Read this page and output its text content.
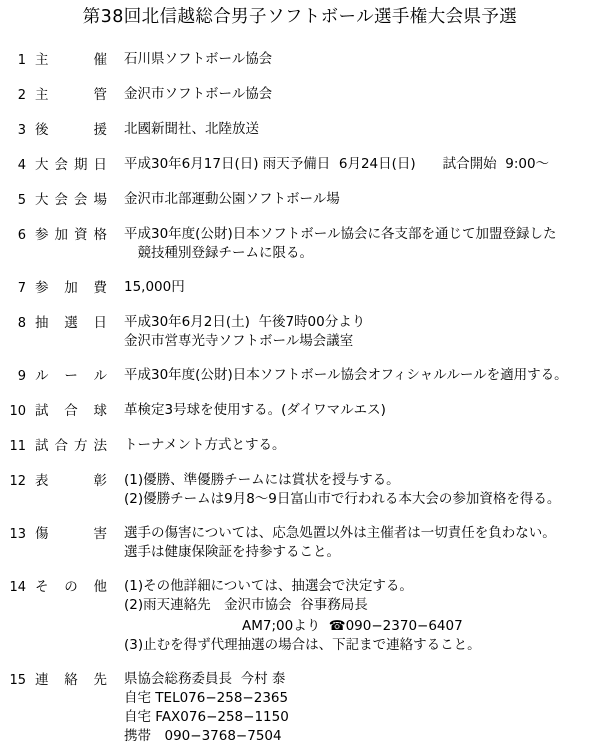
第38回北信越総合男子ソフトボール選手権大会県予選
1 主催 石川県ソフトボール協会
2 主管 金沢市ソフトボール協会
3 後援 北國新聞社、北陸放送
4 大会期日 平成30年6月17日(日) 雨天予備日  6月24日(日)　　試合開始  9:00〜
5 大会会場 金沢市北部運動公園ソフトボール場
6 参加資格 平成30年度(公財)日本ソフトボール協会に各支部を通じて加盟登録した
　競技種別登録チームに限る。
7 参加費 15,000円
8 抽選日 平成30年6月2日(土)  午後7時00分より
金沢市営専光寺ソフトボール場会議室
9 ルール 平成30年度(公財)日本ソフトボール協会オフィシャルルールを適用する。
10 試合球 革検定3号球を使用する。(ダイワマルエス)
11 試合方法 トーナメント方式とする。
12 表彰 (1)優勝、準優勝チームには賞状を授与する。
(2)優勝チームは9月8〜9日富山市で行われる本大会の参加資格を得る。
13 傷害 選手の傷害については、応急処置以外は主催者は一切責任を負わない。
選手は健康保険証を持参すること。
14 その他 (1)その他詳細については、抽選会で決定する。
(2)雨天連絡先　金沢市協会  谷事務局長
AM7;00より  ☎090−2370−6407
(3)止むを得ず代理抽選の場合は、下記まで連絡すること。
15 連絡先 県協会総務委員長  今村 泰
自宅 TEL076−258−2365
自宅 FAX076−258−1150
携帯　090−3768−7504
